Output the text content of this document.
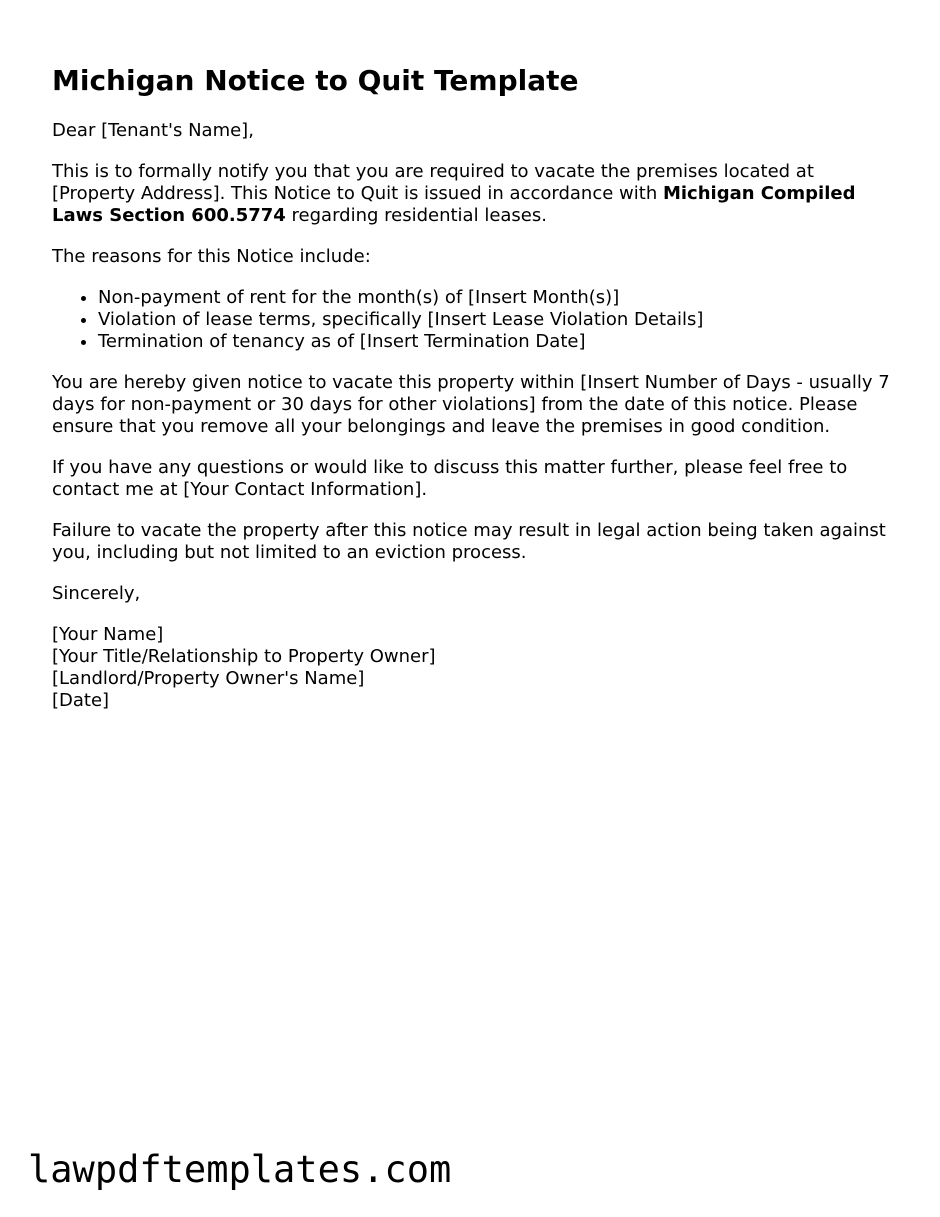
Michigan Notice to Quit Template

Dear [Tenant's Name],

This is to formally notify you that you are required to vacate the premises located at [Property Address]. This Notice to Quit is issued in accordance with Michigan Compiled Laws Section 600.5774 regarding residential leases.

The reasons for this Notice include:

• Non-payment of rent for the month(s) of [Insert Month(s)]
• Violation of lease terms, specifically [Insert Lease Violation Details]
• Termination of tenancy as of [Insert Termination Date]

You are hereby given notice to vacate this property within [Insert Number of Days - usually 7 days for non-payment or 30 days for other violations] from the date of this notice. Please ensure that you remove all your belongings and leave the premises in good condition.

If you have any questions or would like to discuss this matter further, please feel free to contact me at [Your Contact Information].

Failure to vacate the property after this notice may result in legal action being taken against you, including but not limited to an eviction process.

Sincerely,

[Your Name]
[Your Title/Relationship to Property Owner]
[Landlord/Property Owner's Name]
[Date]

lawpdftemplates.com
